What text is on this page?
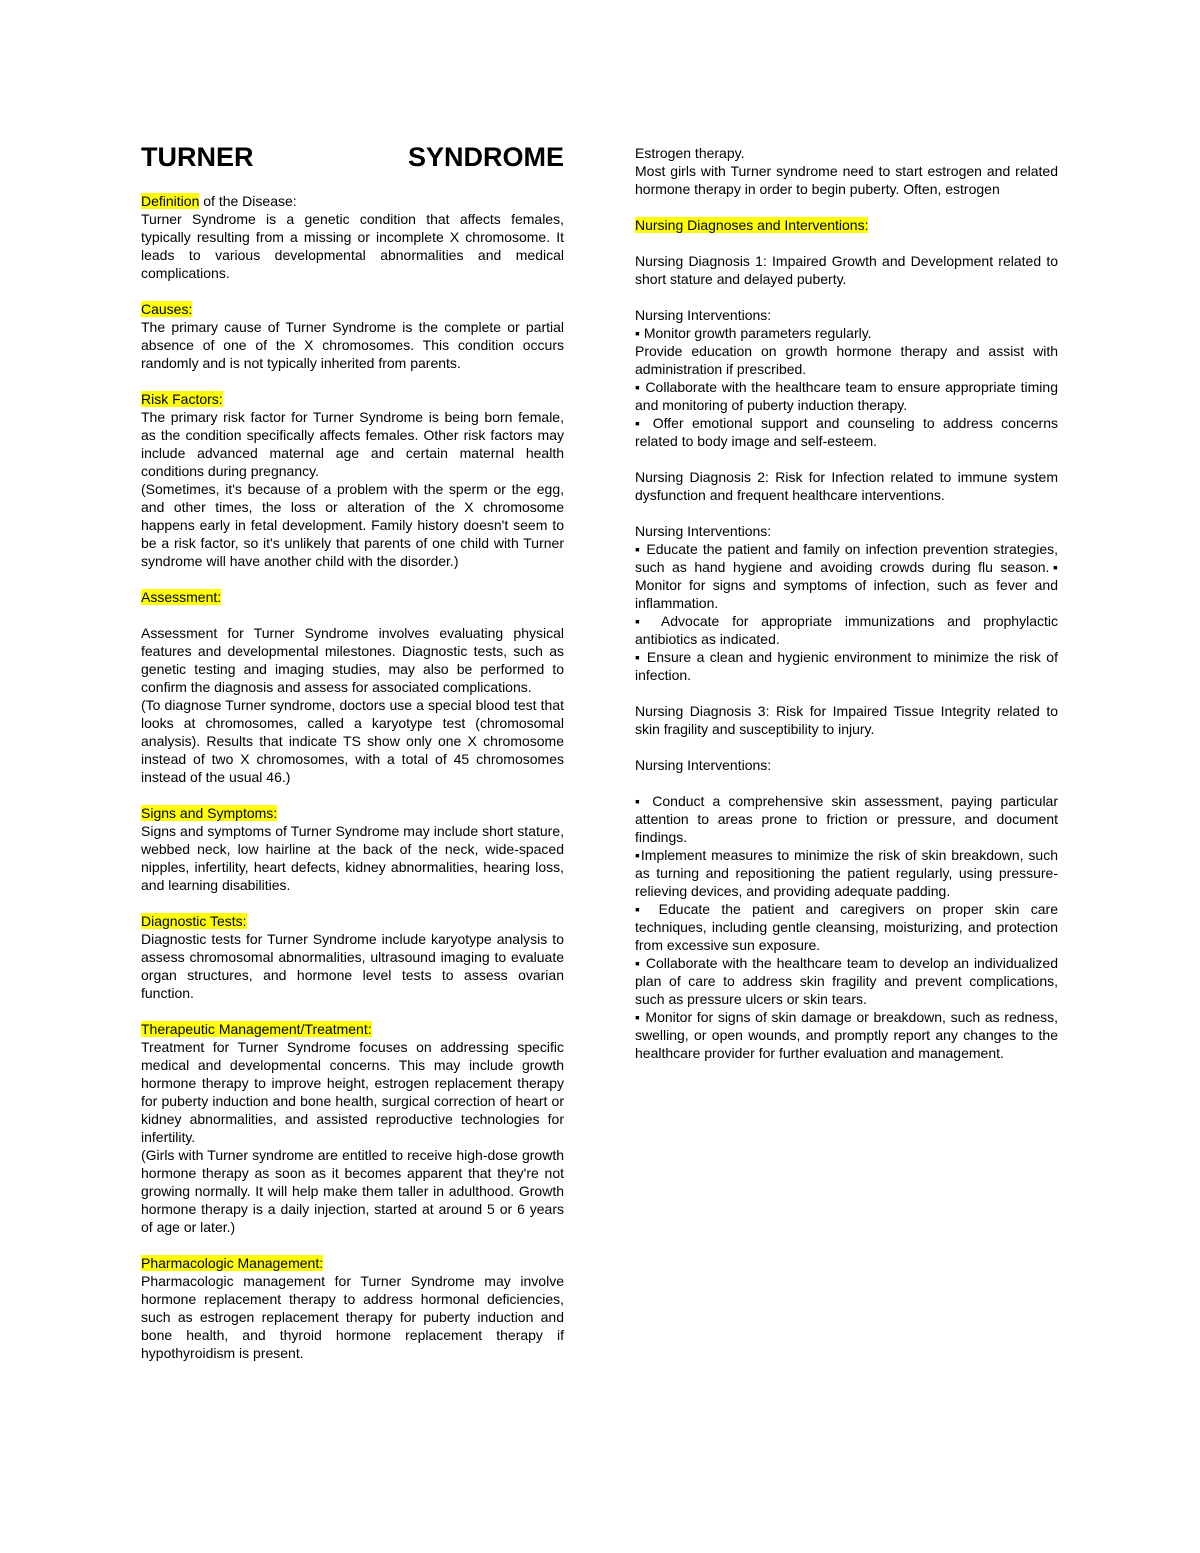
TURNER	SYNDROME

Definition of the Disease:

Turner Syndrome is a genetic condition that affects females, typically resulting from a missing or incomplete X chromosome. It leads to various developmental abnormalities and medical complications.

Causes:

The primary cause of Turner Syndrome is the complete or partial absence of one of the X chromosomes. This condition occurs randomly and is not typically inherited from parents.

Risk Factors:

The primary risk factor for Turner Syndrome is being born female, as the condition specifically affects females. Other risk factors may include advanced maternal age and certain maternal health conditions during pregnancy.

(Sometimes, it's because of a problem with the sperm or the egg, and other times, the loss or alteration of the X chromosome happens early in fetal development. Family history doesn't seem to be a risk factor, so it's unlikely that parents of one child with Turner syndrome will have another child with the disorder.)

Assessment:

Assessment for Turner Syndrome involves evaluating physical features and developmental milestones. Diagnostic tests, such as genetic testing and imaging studies, may also be performed to confirm the diagnosis and assess for associated complications.

(To diagnose Turner syndrome, doctors use a special blood test that looks at chromosomes, called a karyotype test (chromosomal analysis). Results that indicate TS show only one X chromosome instead of two X chromosomes, with a total of 45 chromosomes instead of the usual 46.)

Signs and Symptoms:

Signs and symptoms of Turner Syndrome may include short stature, webbed neck, low hairline at the back of the neck, wide-spaced nipples, infertility, heart defects, kidney abnormalities, hearing loss, and learning disabilities.

Diagnostic Tests:

Diagnostic tests for Turner Syndrome include karyotype analysis to assess chromosomal abnormalities, ultrasound imaging to evaluate organ structures, and hormone level tests to assess ovarian function.

Therapeutic Management/Treatment:

Treatment for Turner Syndrome focuses on addressing specific medical and developmental concerns. This may include growth hormone therapy to improve height, estrogen replacement therapy for puberty induction and bone health, surgical correction of heart or kidney abnormalities, and assisted reproductive technologies for infertility.

(Girls with Turner syndrome are entitled to receive high-dose growth hormone therapy as soon as it becomes apparent that they're not growing normally. It will help make them taller in adulthood. Growth hormone therapy is a daily injection, started at around 5 or 6 years of age or later.)

Pharmacologic Management:

Pharmacologic management for Turner Syndrome may involve hormone replacement therapy to address hormonal deficiencies, such as estrogen replacement therapy for puberty induction and bone health, and thyroid hormone replacement therapy if hypothyroidism is present.

Estrogen therapy.

Most girls with Turner syndrome need to start estrogen and related hormone therapy in order to begin puberty. Often, estrogen

Nursing Diagnoses and Interventions:

Nursing Diagnosis 1: Impaired Growth and Development related to short stature and delayed puberty.

Nursing Interventions:

▪ Monitor growth parameters regularly.

Provide education on growth hormone therapy and assist with administration if prescribed.

▪ Collaborate with the healthcare team to ensure appropriate timing and monitoring of puberty induction therapy.

▪ Offer emotional support and counseling to address concerns related to body image and self-esteem.

Nursing Diagnosis 2: Risk for Infection related to immune system dysfunction and frequent healthcare interventions.

Nursing Interventions:

▪ Educate the patient and family on infection prevention strategies, such as hand hygiene and avoiding crowds during flu season.▪ Monitor for signs and symptoms of infection, such as fever and inflammation.

▪ Advocate for appropriate immunizations and prophylactic antibiotics as indicated.

▪ Ensure a clean and hygienic environment to minimize the risk of infection.

Nursing Diagnosis 3: Risk for Impaired Tissue Integrity related to skin fragility and susceptibility to injury.

Nursing Interventions:

▪ Conduct a comprehensive skin assessment, paying particular attention to areas prone to friction or pressure, and document findings.

▪Implement measures to minimize the risk of skin breakdown, such as turning and repositioning the patient regularly, using pressure-relieving devices, and providing adequate padding.

▪ Educate the patient and caregivers on proper skin care techniques, including gentle cleansing, moisturizing, and protection from excessive sun exposure.

▪ Collaborate with the healthcare team to develop an individualized plan of care to address skin fragility and prevent complications, such as pressure ulcers or skin tears.

▪ Monitor for signs of skin damage or breakdown, such as redness, swelling, or open wounds, and promptly report any changes to the healthcare provider for further evaluation and management.
